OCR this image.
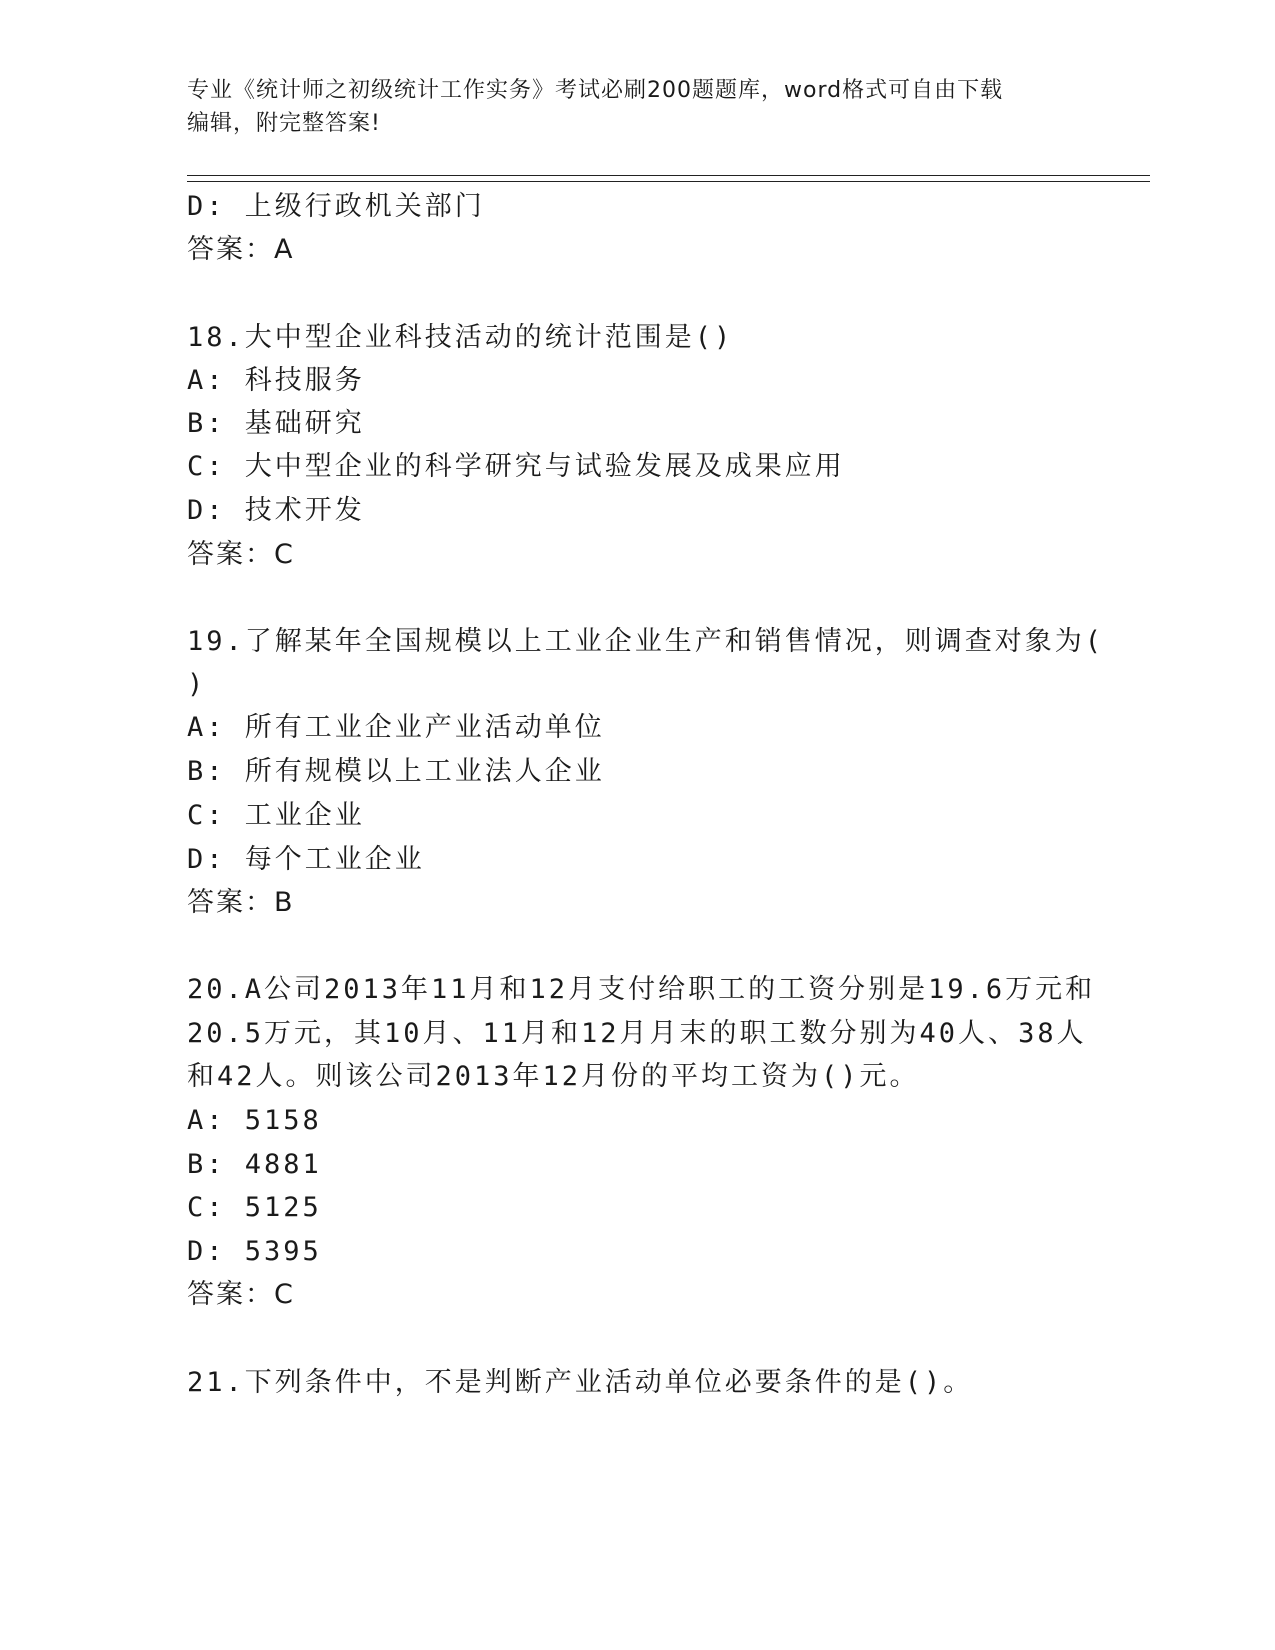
专业《统计师之初级统计工作实务》考试必刷200题题库，word格式可自由下载
编辑，附完整答案!
D: 上级行政机关部门
答案：A
18.大中型企业科技活动的统计范围是()
A: 科技服务
B: 基础研究
C: 大中型企业的科学研究与试验发展及成果应用
D: 技术开发
答案：C
19.了解某年全国规模以上工业企业生产和销售情况，则调查对象为(
)
A: 所有工业企业产业活动单位
B: 所有规模以上工业法人企业
C: 工业企业
D: 每个工业企业
答案：B
20.A公司2013年11月和12月支付给职工的工资分别是19.6万元和
20.5万元，其10月、11月和12月月末的职工数分别为40人、38人
和42人。则该公司2013年12月份的平均工资为()元。
A: 5158
B: 4881
C: 5125
D: 5395
答案：C
21.下列条件中，不是判断产业活动单位必要条件的是()。
